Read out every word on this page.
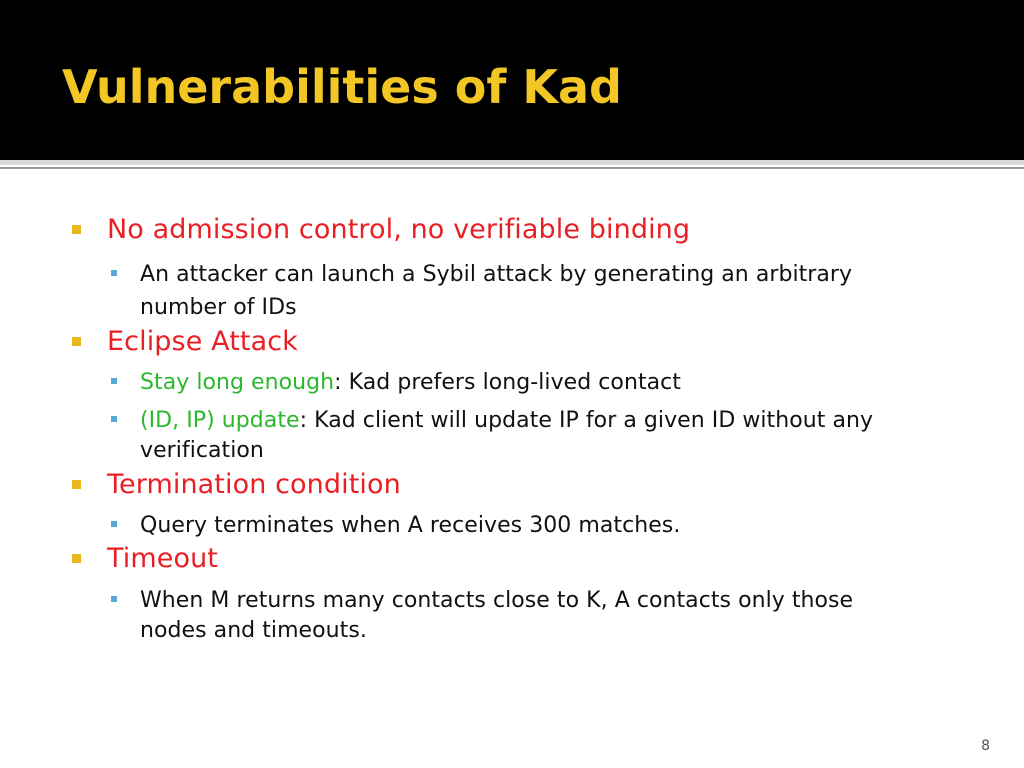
Vulnerabilities of Kad
No admission control, no verifiable binding
An attacker can launch a Sybil attack by generating an arbitrary
number of IDs
Eclipse Attack
Stay long enough: Kad prefers long-lived contact
(ID, IP) update: Kad client will update IP for a given ID without any
verification
Termination condition
Query terminates when A receives 300 matches.
Timeout
When M returns many contacts close to K, A contacts only those
nodes and timeouts.
8
